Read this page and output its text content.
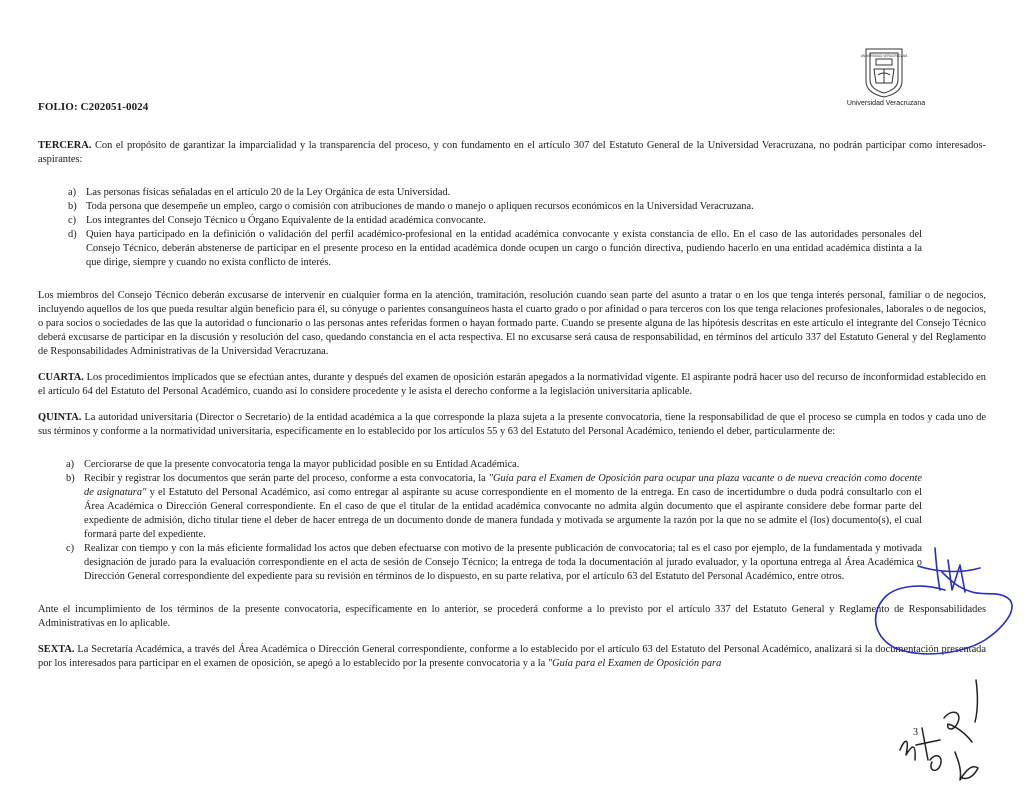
UNIVERSIDAD VERACRUZANA
Universidad Veracruzana
FOLIO: C202051-0024

TERCERA. Con el propósito de garantizar la imparcialidad y la transparencia del proceso, y con fundamento en el artículo 307 del Estatuto General de la Universidad Veracruzana, no podrán participar como interesados-aspirantes:

a) Las personas físicas señaladas en el artículo 20 de la Ley Orgánica de esta Universidad.
b) Toda persona que desempeñe un empleo, cargo o comisión con atribuciones de mando o manejo o apliquen recursos económicos en la Universidad Veracruzana.
c) Los integrantes del Consejo Técnico u Órgano Equivalente de la entidad académica convocante.
d) Quien haya participado en la definición o validación del perfil académico-profesional en la entidad académica convocante y exista constancia de ello. En el caso de las autoridades personales del Consejo Técnico, deberán abstenerse de participar en el presente proceso en la entidad académica donde ocupen un cargo o función directiva, pudiendo hacerlo en una entidad académica distinta a la que dirige, siempre y cuando no exista conflicto de interés.

Los miembros del Consejo Técnico deberán excusarse de intervenir en cualquier forma en la atención, tramitación, resolución cuando sean parte del asunto a tratar o en los que tenga interés personal, familiar o de negocios, incluyendo aquellos de los que pueda resultar algún beneficio para él, su cónyuge o parientes consanguíneos hasta el cuarto grado o por afinidad o para terceros con los que tenga relaciones profesionales, laborales o de negocios, o para socios o sociedades de las que la autoridad o funcionario o las personas antes referidas formen o hayan formado parte. Cuando se presente alguna de las hipótesis descritas en este artículo el integrante del Consejo Técnico deberá excusarse de participar en la discusión y resolución del caso, quedando constancia en el acta respectiva. El no excusarse será causa de responsabilidad, en términos del artículo 337 del Estatuto General y del Reglamento de Responsabilidades Administrativas de la Universidad Veracruzana.

CUARTA. Los procedimientos implicados que se efectúan antes, durante y después del examen de oposición estarán apegados a la normatividad vigente. El aspirante podrá hacer uso del recurso de inconformidad establecido en el artículo 64 del Estatuto del Personal Académico, cuando así lo considere procedente y le asista el derecho conforme a la legislación universitaria aplicable.

QUINTA. La autoridad universitaria (Director o Secretario) de la entidad académica a la que corresponde la plaza sujeta a la presente convocatoria, tiene la responsabilidad de que el proceso se cumpla en todos y cada uno de sus términos y conforme a la normatividad universitaria, específicamente en lo establecido por los artículos 55 y 63 del Estatuto del Personal Académico, teniendo el deber, particularmente de:

a) Cerciorarse de que la presente convocatoria tenga la mayor publicidad posible en su Entidad Académica.
b) Recibir y registrar los documentos que serán parte del proceso, conforme a esta convocatoria, la "Guía para el Examen de Oposición para ocupar una plaza vacante o de nueva creación como docente de asignatura" y el Estatuto del Personal Académico, así como entregar al aspirante su acuse correspondiente en el momento de la entrega. En caso de incertidumbre o duda podrá consultarlo con el Área Académica o Dirección General correspondiente. En el caso de que el titular de la entidad académica convocante no admita algún documento que el aspirante considere debe formar parte del expediente de admisión, dicho titular tiene el deber de hacer entrega de un documento donde de manera fundada y motivada se argumente la razón por la que no se admite el (los) documento(s), el cual formará parte del expediente.
c) Realizar con tiempo y con la más eficiente formalidad los actos que deben efectuarse con motivo de la presente publicación de convocatoria; tal es el caso por ejemplo, de la fundamentada y motivada designación de jurado para la evaluación correspondiente en el acta de sesión de Consejo Técnico; la entrega de toda la documentación al jurado evaluador, y la oportuna entrega al Área Académica o Dirección General correspondiente del expediente para su revisión en términos de lo dispuesto, en su parte relativa, por el artículo 63 del Estatuto del Personal Académico, entre otros.

Ante el incumplimiento de los términos de la presente convocatoria, específicamente en lo anterior, se procederá conforme a lo previsto por el artículo 337 del Estatuto General y Reglamento de Responsabilidades Administrativas en lo aplicable.

SEXTA. La Secretaría Académica, a través del Área Académica o Dirección General correspondiente, conforme a lo establecido por el artículo 63 del Estatuto del Personal Académico, analizará si la documentación presentada por los interesados para participar en el examen de oposición, se apegó a lo establecido por la presente convocatoria y a la "Guía para el Examen de Oposición para

3
